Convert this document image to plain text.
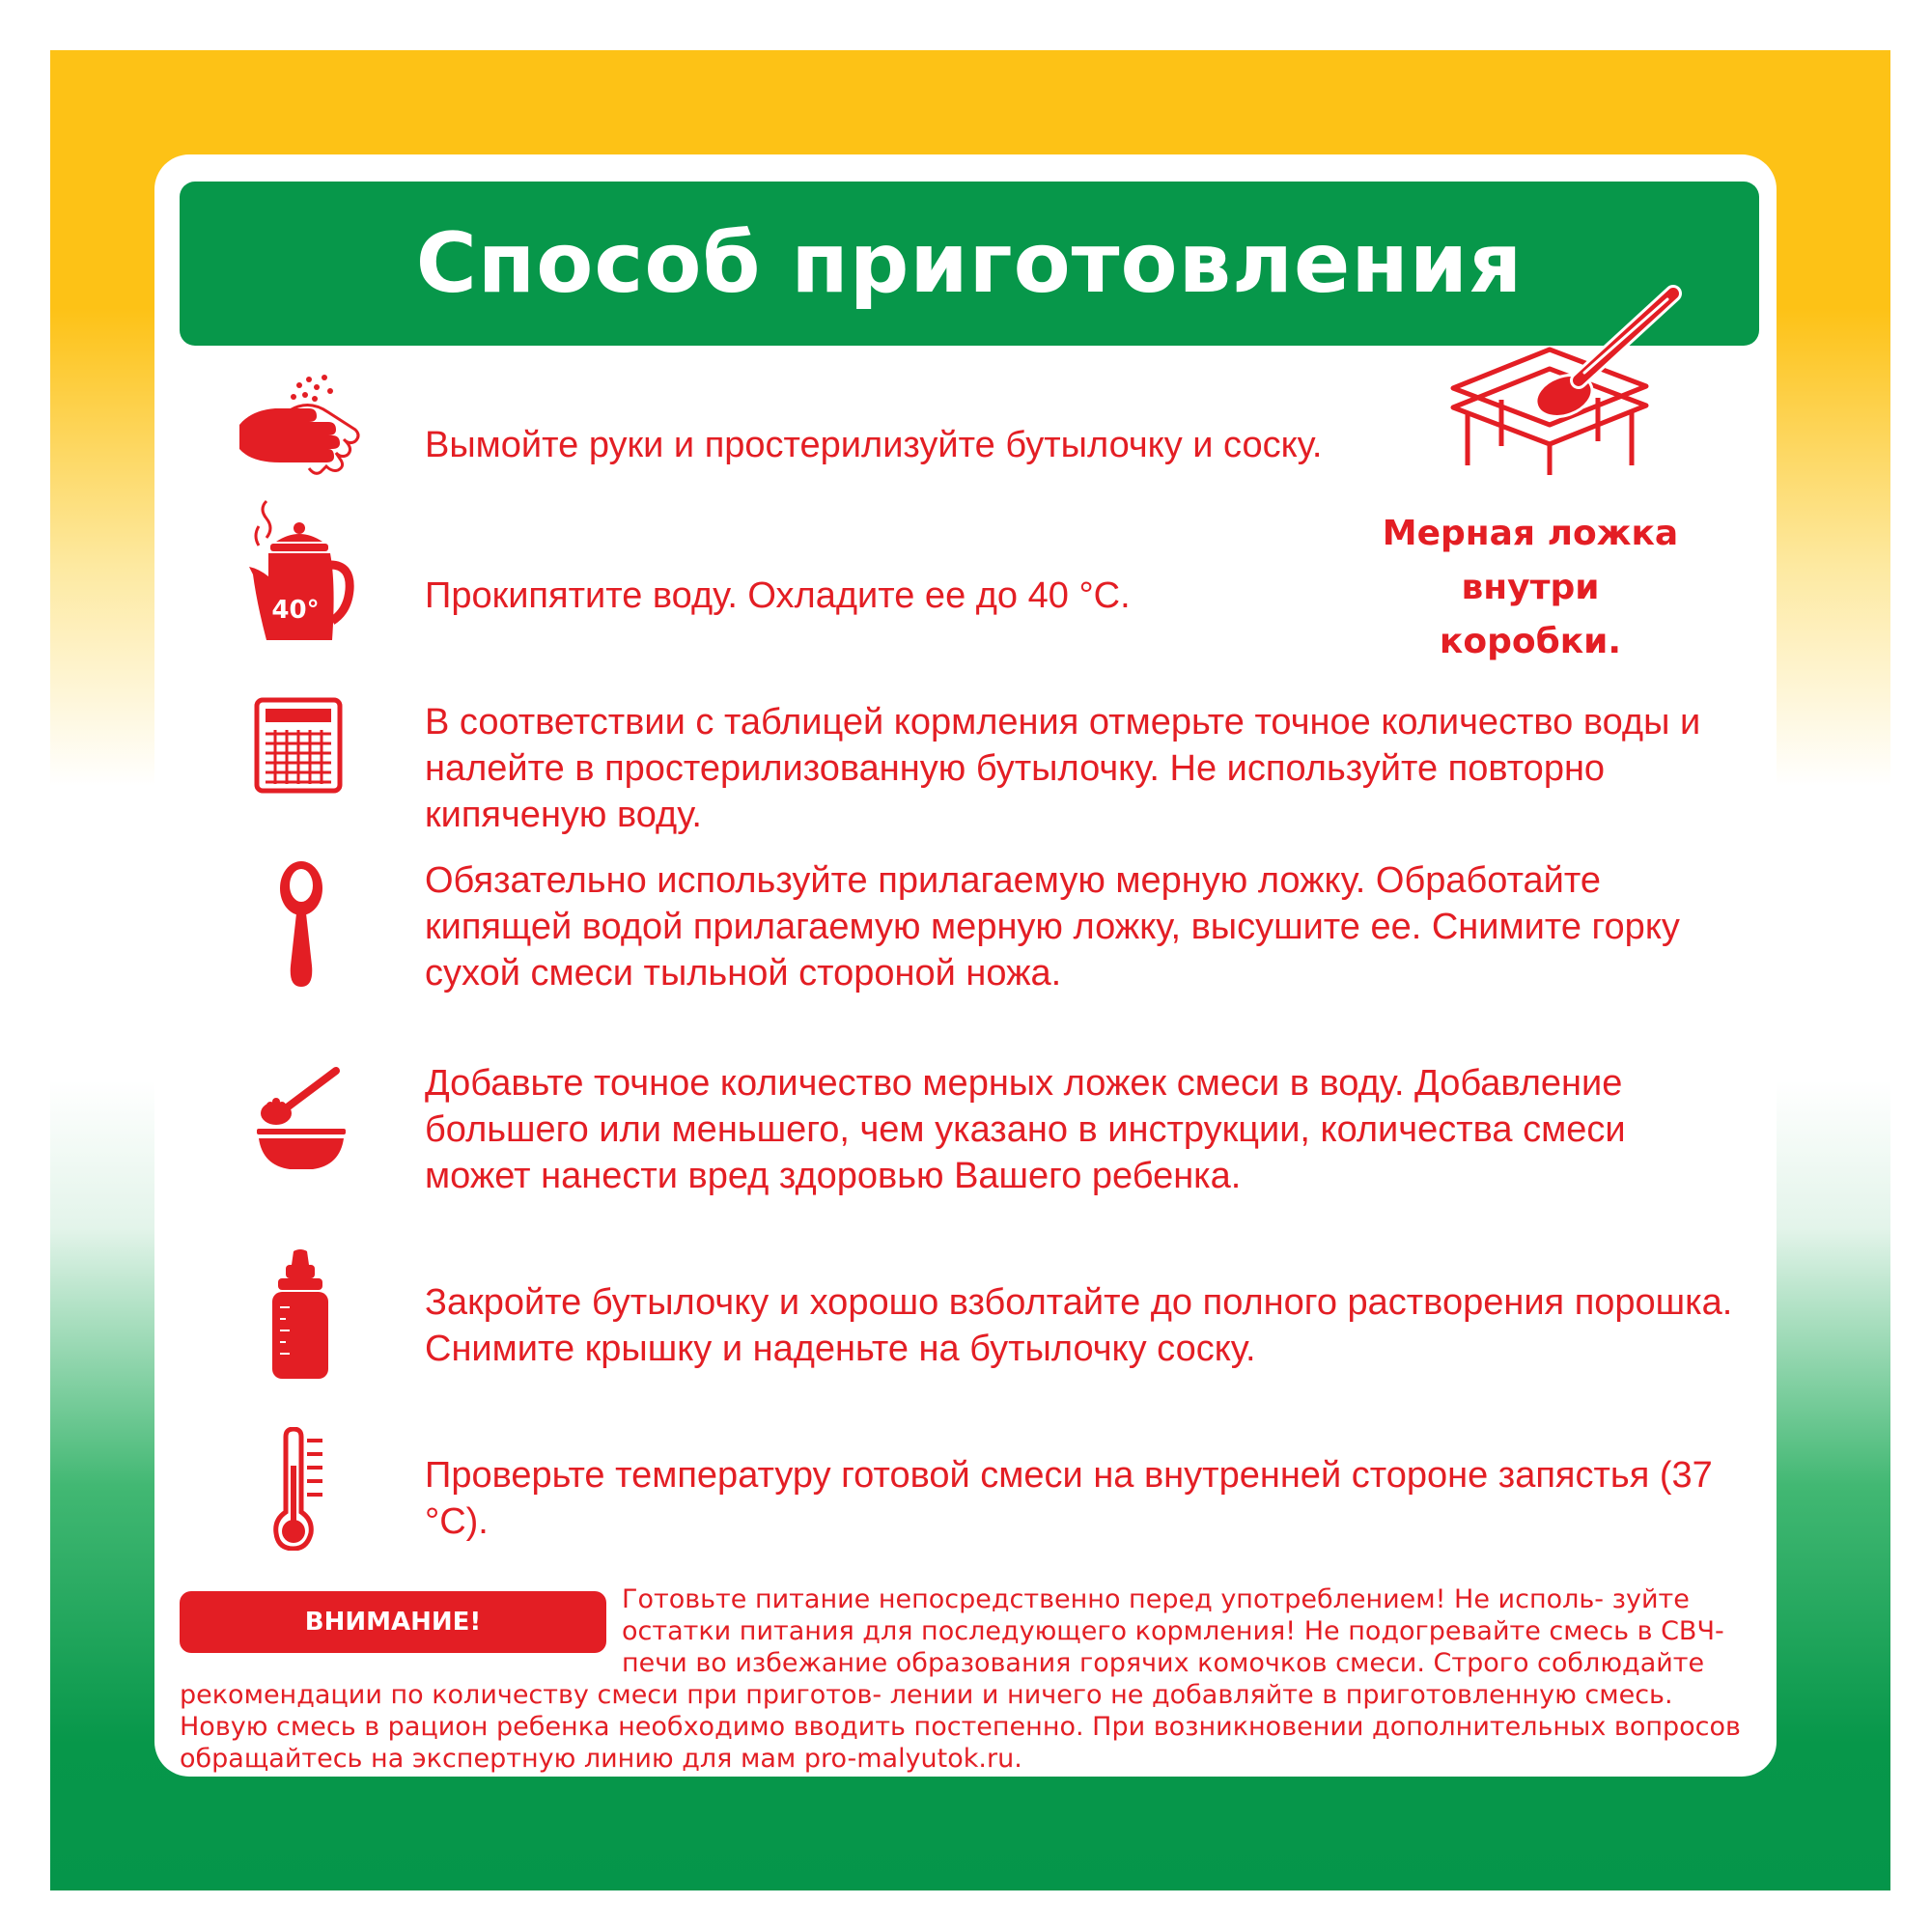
Способ приготовления
Мерная ложка
внутри коробки.
Вымойте руки и простерилизуйте бутылочку и соску.
40°	Прокипятите воду. Охладите ее до 40 °С.
В соответствии с таблицей кормления отмерьте точное количество воды и налейте в простерилизованную бутылочку. Не используйте повторно кипяченую воду.
Обязательно используйте прилагаемую мерную ложку. Обработайте кипящей водой прилагаемую мерную ложку, высушите ее. Снимите горку сухой смеси тыльной стороной ножа.
Добавьте точное количество мерных ложек смеси в воду. Добавление большего или меньшего, чем указано в инструкции, количества смеси может нанести вред здоровью Вашего ребенка.
Закройте бутылочку и хорошо взболтайте до полного растворения порошка. Снимите крышку и наденьте на бутылочку соску.
Проверьте температуру готовой смеси на внутренней стороне запястья (37 °С).
ВНИМАНИЕ!
Готовьте питание непосредственно перед употреблением! Не исполь- зуйте остатки питания для последующего кормления! Не подогревайте смесь в СВЧ-печи во избежание образования горячих комочков смеси. Строго соблюдайте рекомендации по количеству смеси при приготов- лении и ничего не добавляйте в приготовленную смесь. Новую смесь в рацион ребенка необходимо вводить постепенно. При возникновении дополнительных вопросов обращайтесь на экспертную линию для мам pro-malyutok.ru.
